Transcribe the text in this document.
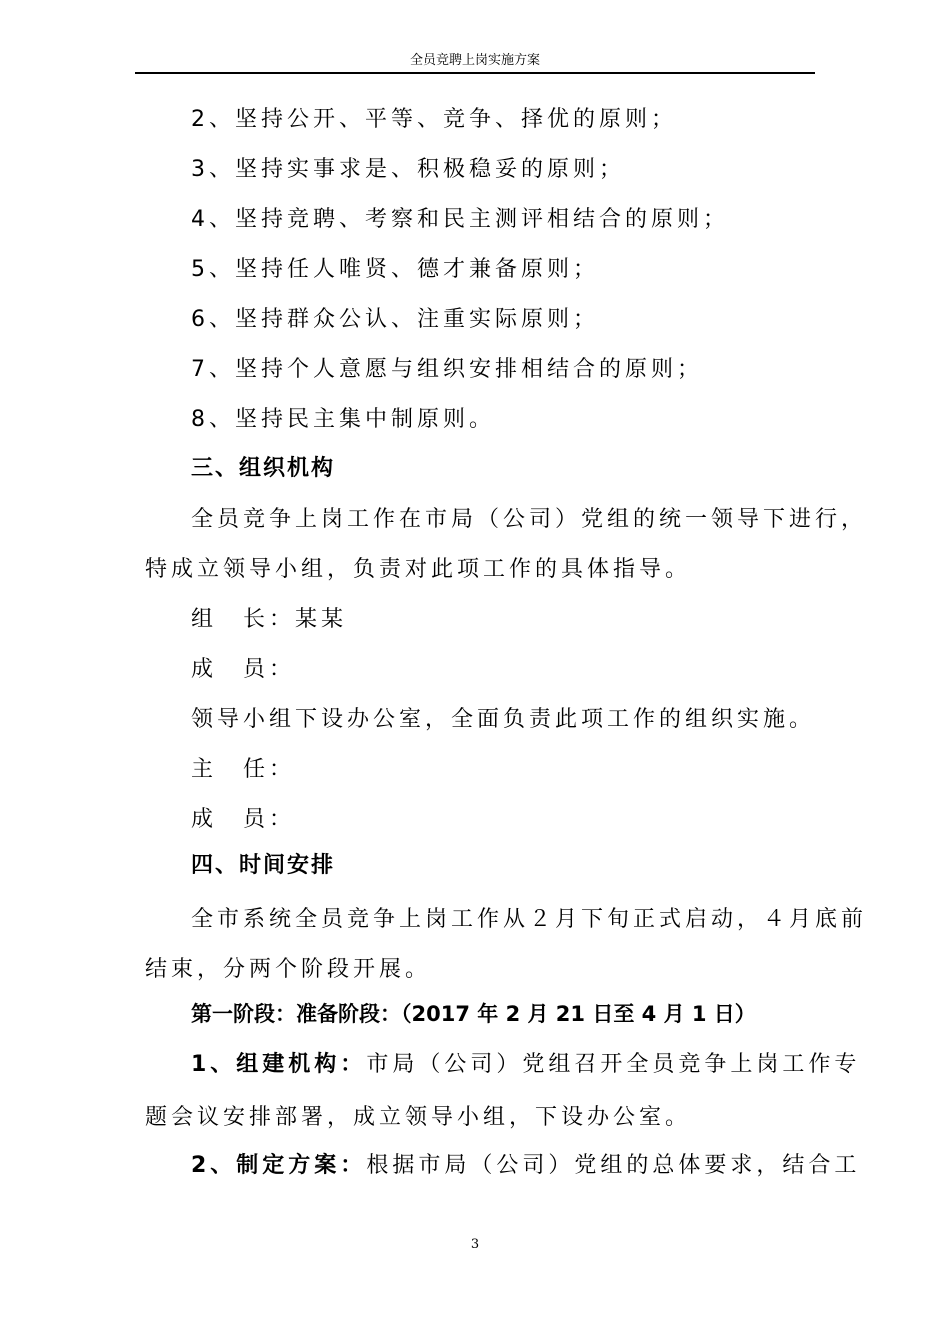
全员竞聘上岗实施方案
2、坚持公开、平等、竞争、择优的原则；
3、坚持实事求是、积极稳妥的原则；
4、坚持竞聘、考察和民主测评相结合的原则；
5、坚持任人唯贤、德才兼备原则；
6、坚持群众公认、注重实际原则；
7、坚持个人意愿与组织安排相结合的原则；
8、坚持民主集中制原则。
三、组织机构
全员竞争上岗工作在市局（公司）党组的统一领导下进行，
特成立领导小组，负责对此项工作的具体指导。
组　长：某某
成　员：
领导小组下设办公室，全面负责此项工作的组织实施。
主　任：
成　员：
四、时间安排
全市系统全员竞争上岗工作从２月下旬正式启动，４月底前
结束，分两个阶段开展。
第一阶段：准备阶段：（2017 年 2 月 21 日至 4 月 1 日）
1、组建机构：市局（公司）党组召开全员竞争上岗工作专
题会议安排部署，成立领导小组，下设办公室。
2、制定方案：根据市局（公司）党组的总体要求，结合工
3
